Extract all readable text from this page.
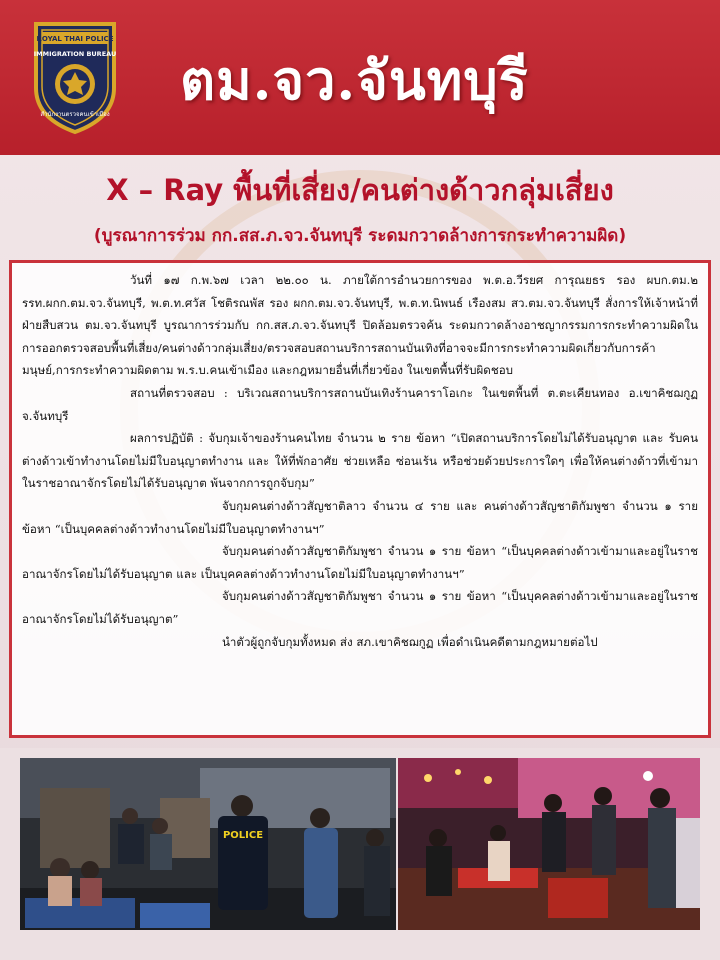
ROYAL THAI POLICE
IMMIGRATION BUREAU
สำนักงานตรวจคนเข้าเมือง
ตม.จว.จันทบุรี
X – Ray พื้นที่เสี่ยง/คนต่างด้าวกลุ่มเสี่ยง
(บูรณาการร่วม กก.สส.ภ.จว.จันทบุรี ระดมกวาดล้างการกระทำความผิด)

วันที่ ๑๗ ก.พ.๖๗ เวลา ๒๒.๐๐ น. ภายใต้การอำนวยการของ พ.ต.อ.วีรยศ การุณยธร รอง ผบก.ตม.๒ รรท.ผกก.ตม.จว.จันทบุรี, พ.ต.ท.ศวัส โชติรณพัส รอง ผกก.ตม.จว.จันทบุรี, พ.ต.ท.นิพนธ์ เรืองสม สว.ตม.จว.จันทบุรี สั่งการให้เจ้าหน้าที่ฝ่ายสืบสวน ตม.จว.จันทบุรี บูรณาการร่วมกับ กก.สส.ภ.จว.จันทบุรี ปิดล้อมตรวจค้น ระดมกวาดล้างอาชญากรรมการกระทำความผิดในการออกตรวจสอบพื้นที่เสี่ยง/คนต่างด้าวกลุ่มเสี่ยง/ตรวจสอบสถานบริการสถานบันเทิงที่อาจจะมีการกระทำความผิดเกี่ยวกับการค้ามนุษย์,การกระทำความผิดตาม พ.ร.บ.คนเข้าเมือง และกฎหมายอื่นที่เกี่ยวข้อง ในเขตพื้นที่รับผิดชอบ

สถานที่ตรวจสอบ : บริเวณสถานบริการสถานบันเทิงร้านคาราโอเกะ ในเขตพื้นที่ ต.ตะเคียนทอง อ.เขาคิชฌกูฏ จ.จันทบุรี

ผลการปฏิบัติ : จับกุมเจ้าของร้านคนไทย จำนวน ๒ ราย ข้อหา “เปิดสถานบริการโดยไม่ได้รับอนุญาต และ รับคนต่างด้าวเข้าทำงานโดยไม่มีใบอนุญาตทำงาน และ ให้ที่พักอาศัย ช่วยเหลือ ซ่อนเร้น หรือช่วยด้วยประการใดๆ เพื่อให้คนต่างด้าวที่เข้ามาในราชอาณาจักรโดยไม่ได้รับอนุญาต พ้นจากการถูกจับกุม”

จับกุมคนต่างด้าวสัญชาติลาว จำนวน ๔ ราย และ คนต่างด้าวสัญชาติกัมพูชา จำนวน ๑ ราย ข้อหา “เป็นบุคคลต่างด้าวทำงานโดยไม่มีใบอนุญาตทำงานฯ”

จับกุมคนต่างด้าวสัญชาติกัมพูชา จำนวน ๑ ราย ข้อหา “เป็นบุคคลต่างด้าวเข้ามาและอยู่ในราชอาณาจักรโดยไม่ได้รับอนุญาต และ เป็นบุคคลต่างด้าวทำงานโดยไม่มีใบอนุญาตทำงานฯ”

จับกุมคนต่างด้าวสัญชาติกัมพูชา จำนวน ๑ ราย ข้อหา “เป็นบุคคลต่างด้าวเข้ามาและอยู่ในราชอาณาจักรโดยไม่ได้รับอนุญาต”

นำตัวผู้ถูกจับกุมทั้งหมด ส่ง สภ.เขาคิชฌกูฏ เพื่อดำเนินคดีตามกฎหมายต่อไป

POLICE
